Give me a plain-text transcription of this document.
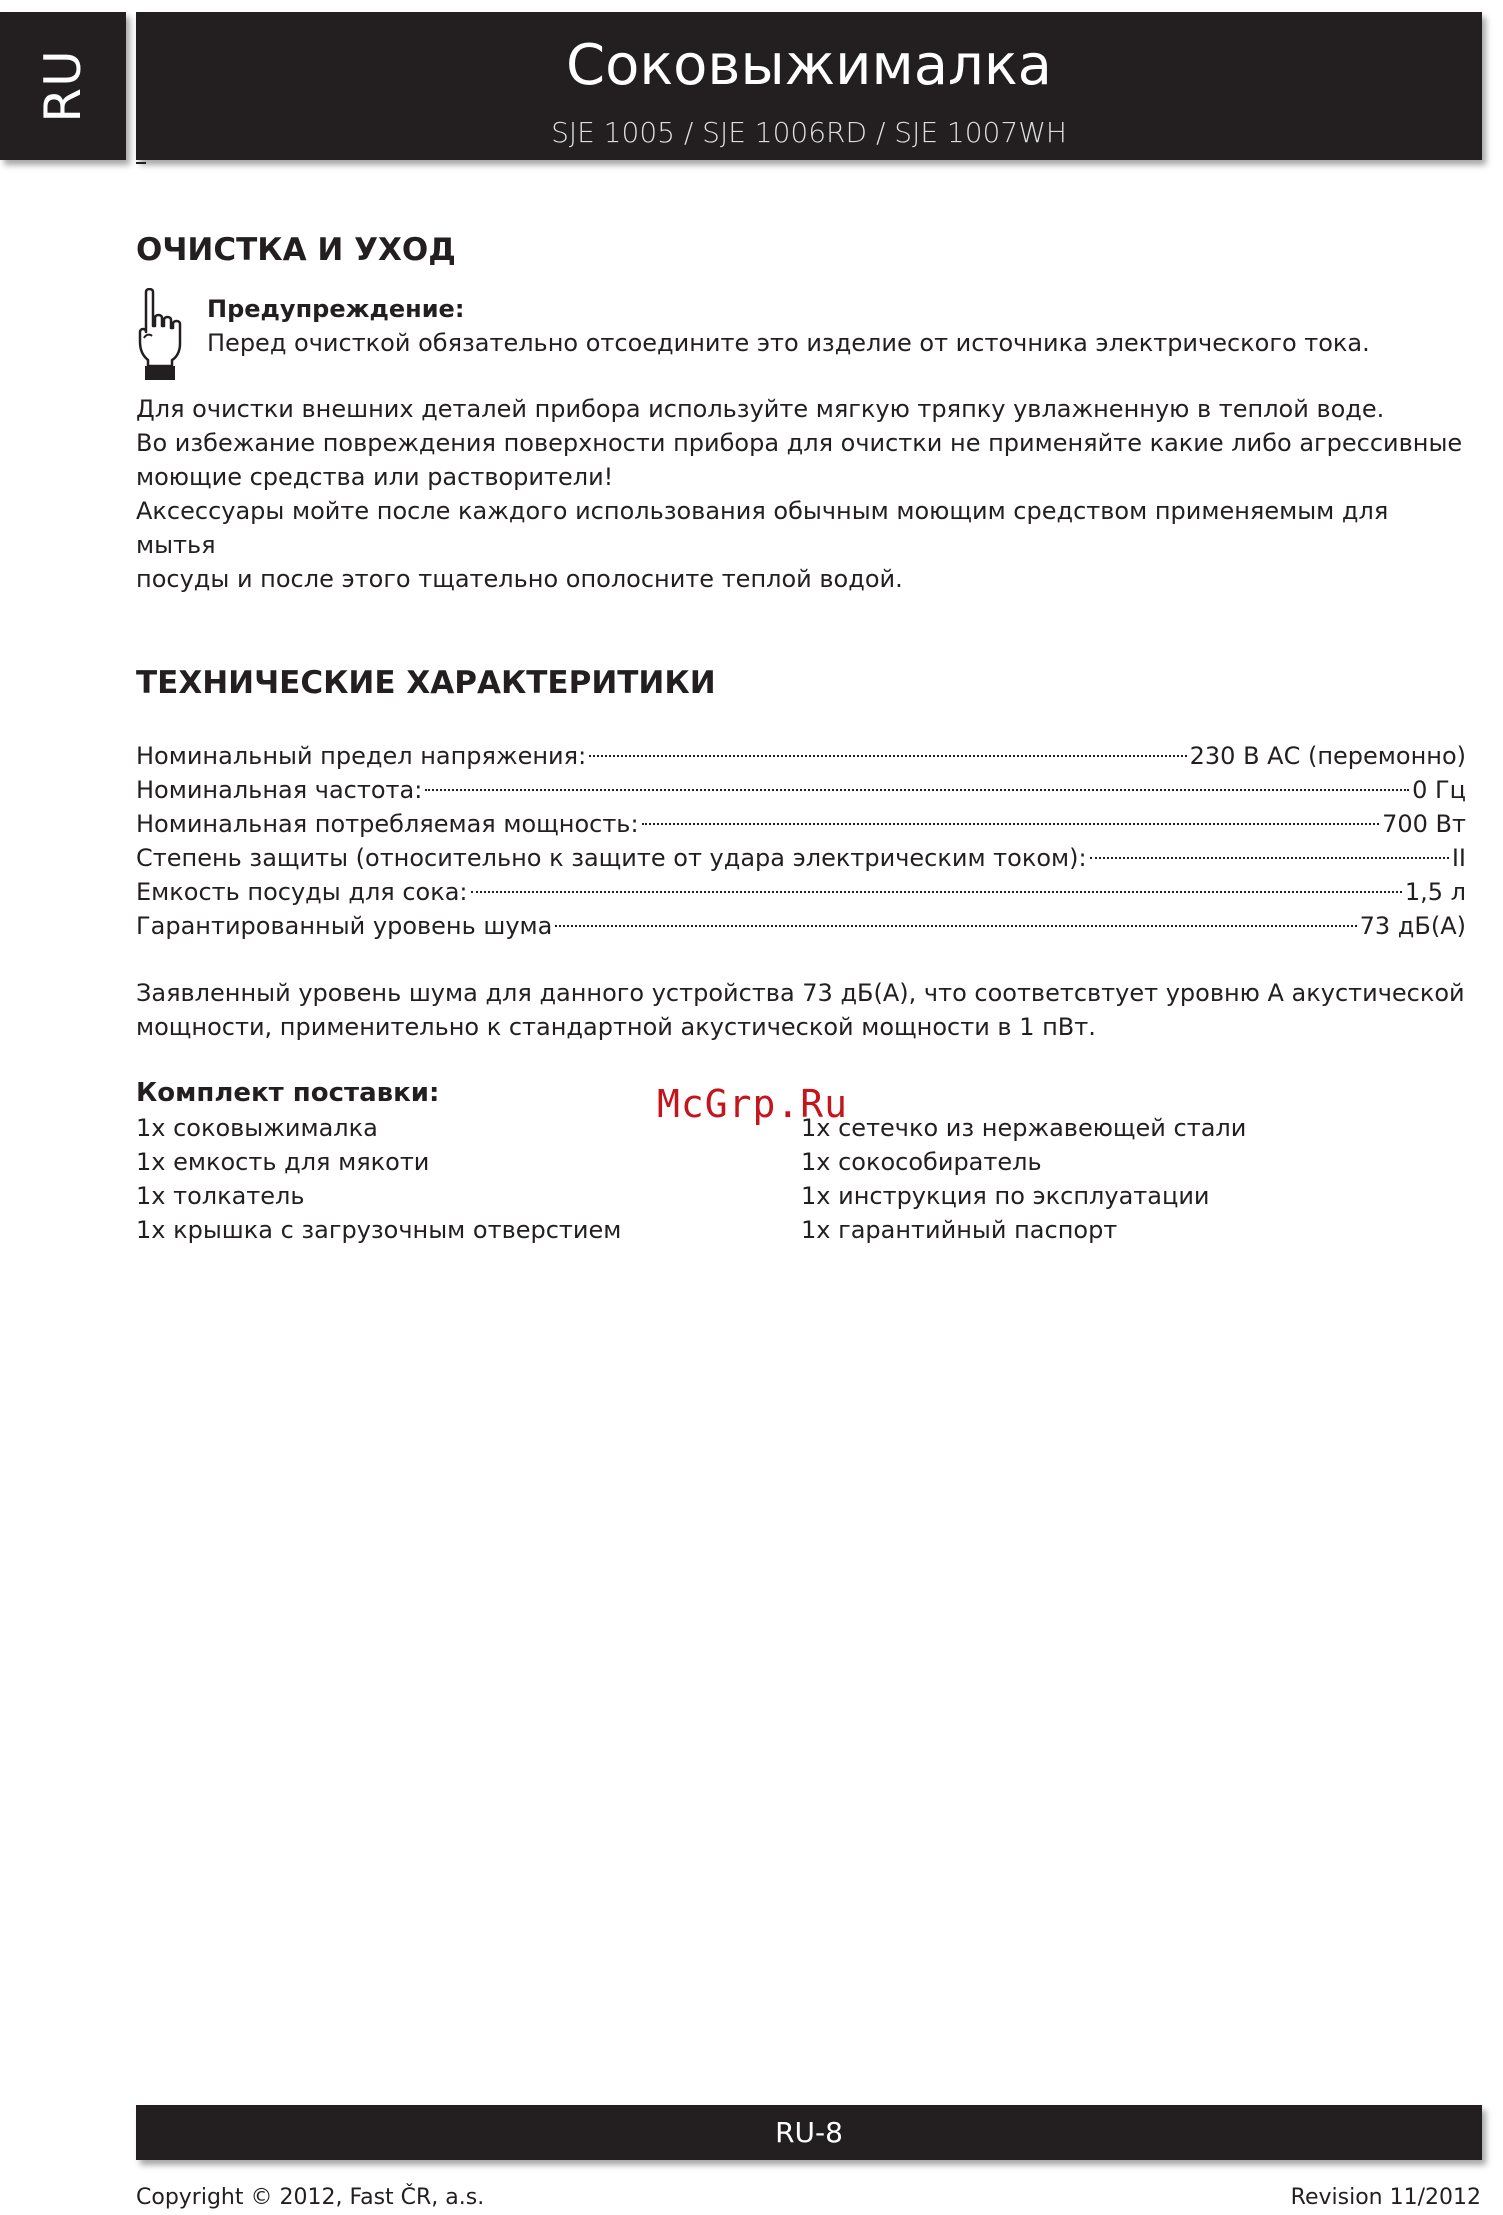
RU	Соковыжималка
SJE 1005 / SJE 1006RD / SJE 1007WH
ОЧИСТКА И УХОД
Предупреждение:
Перед очисткой обязательно отсоедините это изделие от источника электрического тока.
Для очистки внешних деталей прибора используйте мягкую тряпку увлажненную в теплой воде.
Во избежание повреждения поверхности прибора для очистки не применяйте какие либо агрессивные
моющие средства или растворители!
Аксессуары мойте после каждого использования обычным моющим средством применяемым для мытья
посуды и после этого тщательно ополосните теплой водой.
ТЕХНИЧЕСКИЕ ХАРАКТЕРИТИКИ
Номинальный предел напряжения:	230 В АС (перемонно)
Номинальная частота:	0 Гц
Номинальная потребляемая мощность:	700 Вт
Степень защиты (относительно к защите от удара электрическим током):	II
Емкость посуды для сока:	1,5 л
Гарантированный уровень шума	73 дБ(A)
Заявленный уровень шума для данного устройства 73 дБ(A), что соответсвтует уровню А акустической
мощности, применительно к стандартной акустической мощности в 1 пВт.
Комплект поставки:
1x соковыжималка
1x емкость для мякоти
1x толкатель
1x крышка с загрузочным отверстием
1x сетечко из нержавеющей стали
1x сокособиратель
1x инструкция по эксплуатации
1x гарантийный паспорт
McGrp.Ru
RU-8
Copyright © 2012, Fast ČR, a.s.	Revision 11/2012
